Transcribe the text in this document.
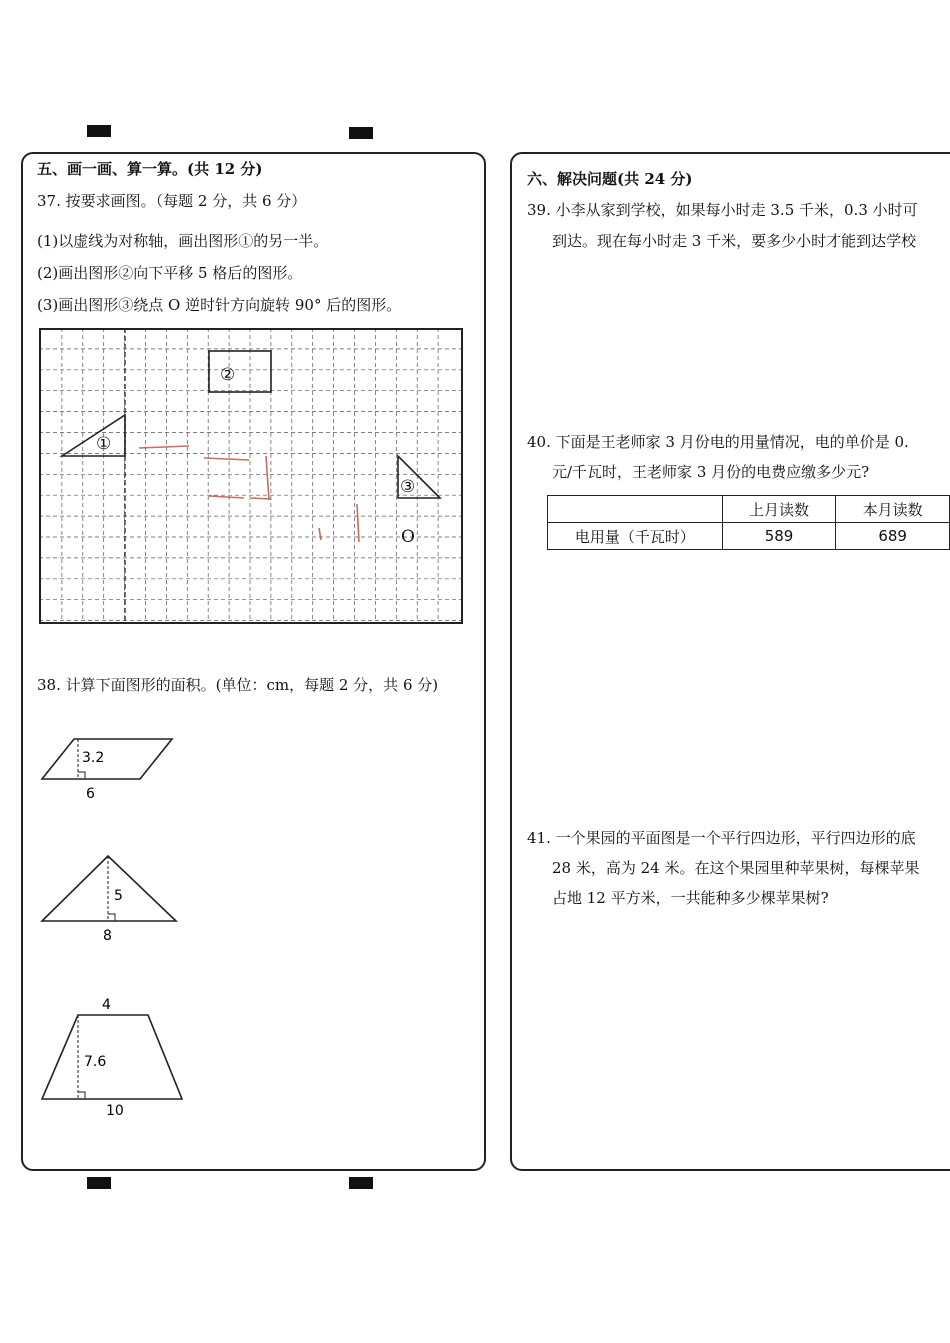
五、画一画、算一算。(共 12 分)
37. 按要求画图。（每题 2 分，共 6 分）
(1)以虚线为对称轴，画出图形①的另一半。
(2)画出图形②向下平移 5 格后的图形。
(3)画出图形③绕点 O 逆时针方向旋转 90° 后的图形。
①
②
③
O
38. 计算下面图形的面积。(单位：cm，每题 2 分，共 6 分)
3.2
6
5
8
4
7.6
10
六、解决问题(共 24 分)
39. 小李从家到学校，如果每小时走 3.5 千米，0.3 小时可
到达。现在每小时走 3 千米，要多少小时才能到达学校
40. 下面是王老师家 3 月份电的用量情况，电的单价是 0.
元/千瓦时，王老师家 3 月份的电费应缴多少元?
	上月读数	本月读数
电用量（千瓦时）	589	689
41. 一个果园的平面图是一个平行四边形，平行四边形的底
28 米，高为 24 米。在这个果园里种苹果树，每棵苹果
占地 12 平方米，一共能种多少棵苹果树?
